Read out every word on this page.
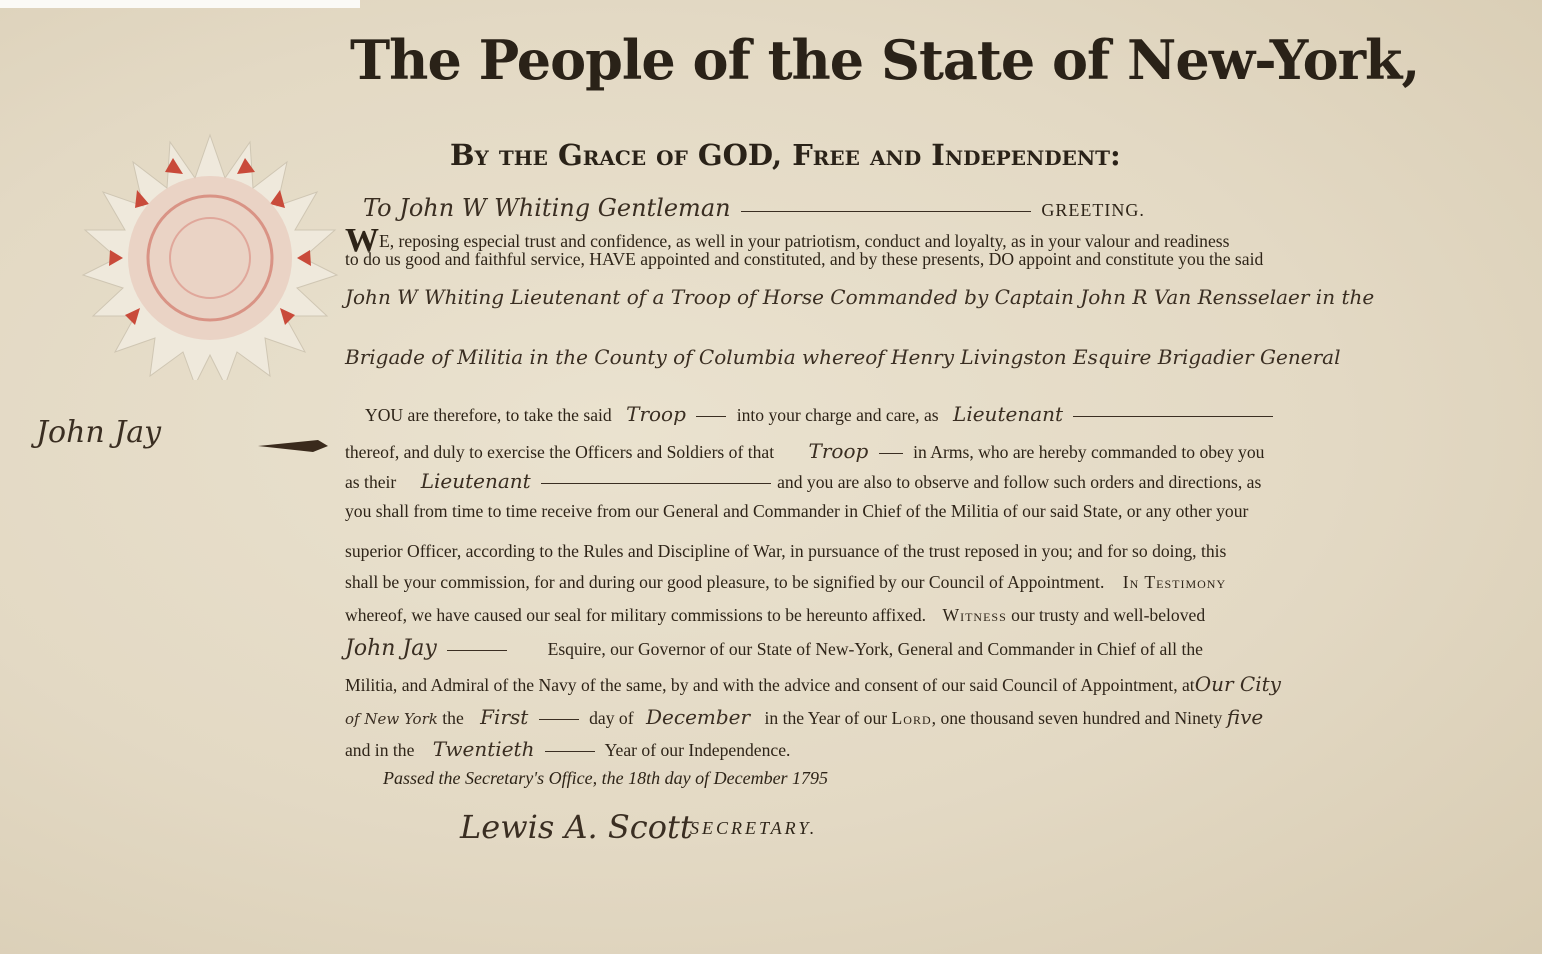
John Jay
The People of the State of New-York,
By the Grace of GOD, Free and Independent:
To John W Whiting Gentleman	GREETING.
WE, reposing especial trust and confidence, as well in your patriotism, conduct and loyalty, as in your valour and readiness
to do us good and faithful service, HAVE appointed and constituted, and by these presents, DO appoint and constitute you the said
John W Whiting Lieutenant of a Troop of Horse Commanded by Captain John R Van Rensselaer in the
Brigade of Militia in the County of Columbia whereof Henry Livingston Esquire Brigadier General
YOU are therefore, to take the said Troop	into your charge and care, as Lieutenant
thereof, and duly to exercise the Officers and Soldiers of that Troop	in Arms, who are hereby commanded to obey you
as their Lieutenant	and you are also to observe and follow such orders and directions, as
you shall from time to time receive from our General and Commander in Chief of the Militia of our said State, or any other your
superior Officer, according to the Rules and Discipline of War, in pursuance of the trust reposed in you; and for so doing, this
shall be your commission, for and during our good pleasure, to be signified by our Council of Appointment. In Testimony
whereof, we have caused our seal for military commissions to be hereunto affixed. Witness our trusty and well-beloved
John Jay	Esquire, our Governor of our State of New-York, General and Commander in Chief of all the
Militia, and Admiral of the Navy of the same, by and with the advice and consent of our said Council of Appointment, atOur City
of New York the First	day of December in the Year of our Lord, one thousand seven hundred and Ninety five
and in the Twentieth	Year of our Independence.
Passed the Secretary's Office, the 18th day of December 1795
Lewis A. Scott
SECRETARY.
